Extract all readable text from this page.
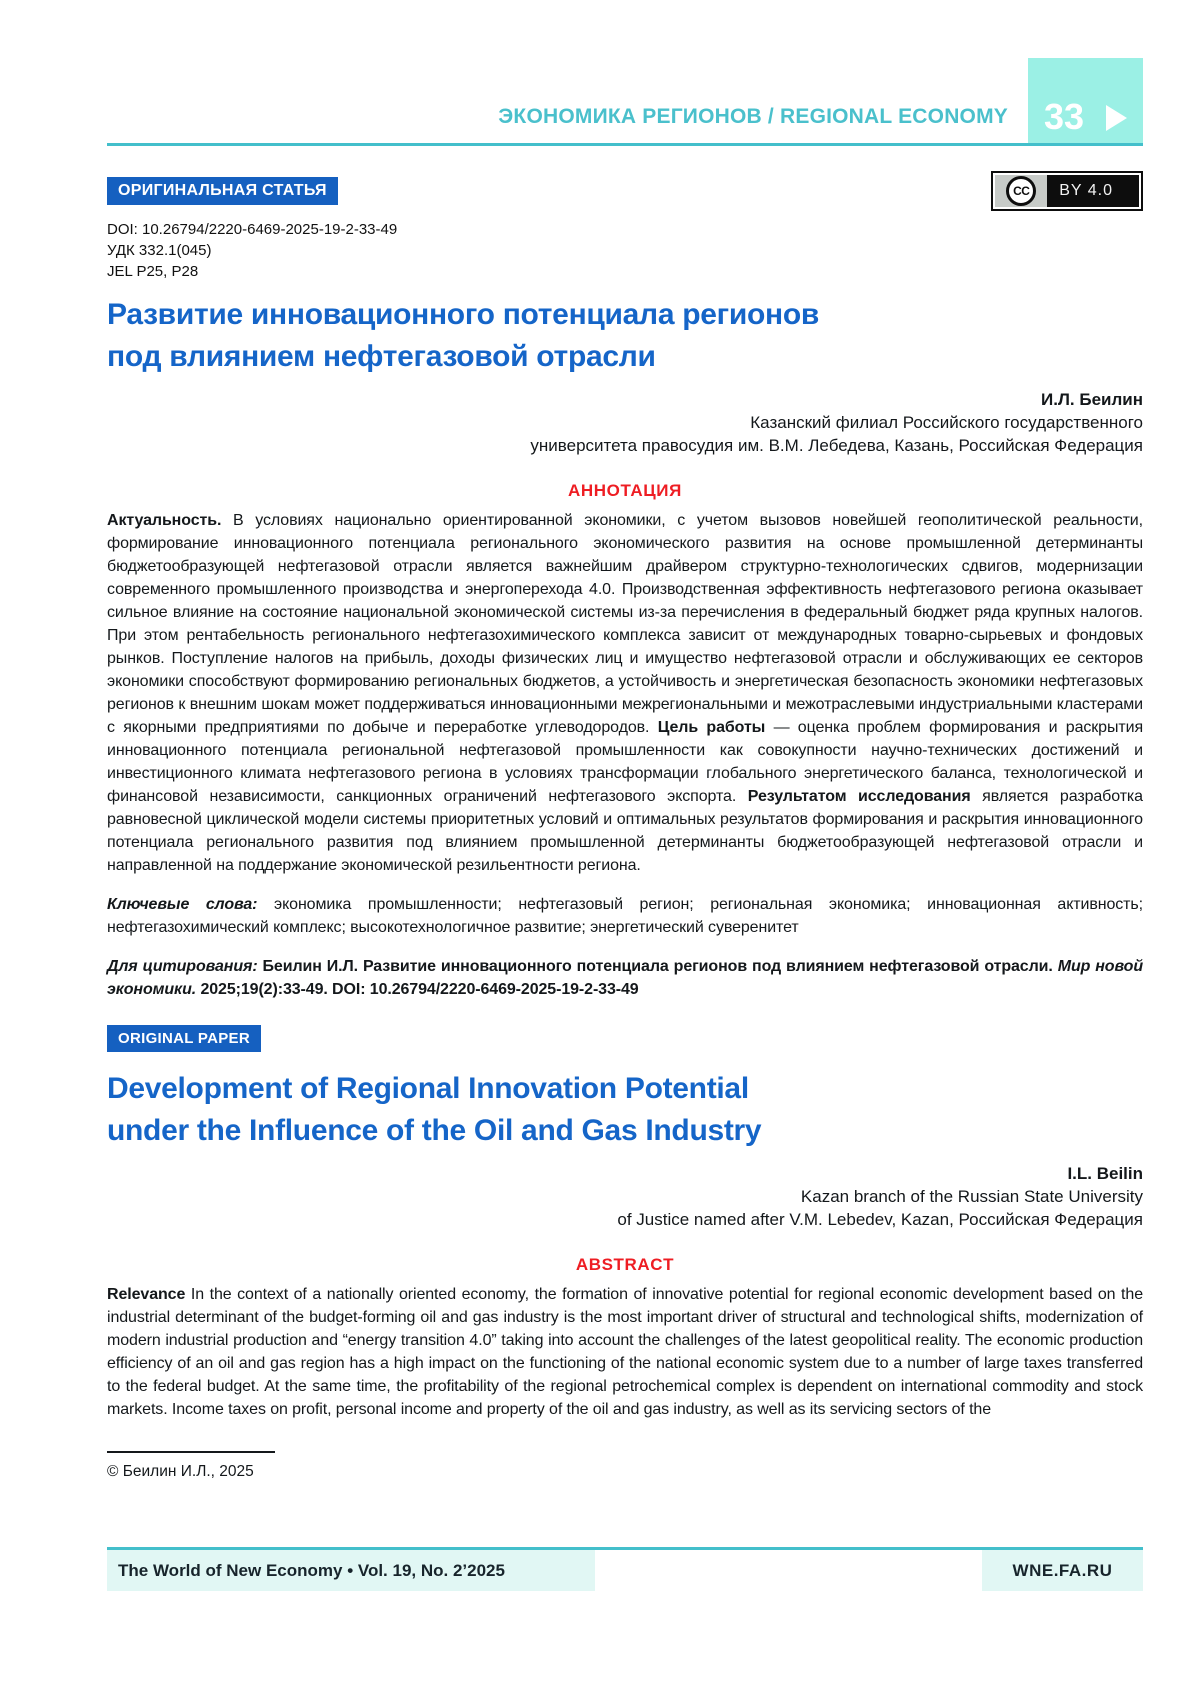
ЭКОНОМИКА РЕГИОНОВ / REGIONAL ECONOMY 33
ОРИГИНАЛЬНАЯ СТАТЬЯ	CC	BY 4.0
DOI: 10.26794/2220-6469-2025-19-2-33-49
УДК 332.1(045)
JEL P25, P28
Развитие инновационного потенциала регионов
под влиянием нефтегазовой отрасли
И.Л. Беилин
Казанский филиал Российского государственного
университета правосудия им. В.М. Лебедева, Казань, Российская Федерация
АННОТАЦИЯ

Актуальность. В условиях национально ориентированной экономики, с учетом вызовов новейшей геополитической реальности, формирование инновационного потенциала регионального экономического развития на основе промышленной детерминанты бюджетообразующей нефтегазовой отрасли является важнейшим драйвером структурно-технологических сдвигов, модернизации современного промышленного производства и энергоперехода 4.0. Производственная эффективность нефтегазового региона оказывает сильное влияние на состояние национальной экономической системы из-за перечисления в федеральный бюджет ряда крупных налогов. При этом рентабельность регионального нефтегазохимического комплекса зависит от международных товарно-сырьевых и фондовых рынков. Поступление налогов на прибыль, доходы физических лиц и имущество нефтегазовой отрасли и обслуживающих ее секторов экономики способствуют формированию региональных бюджетов, а устойчивость и энергетическая безопасность экономики нефтегазовых регионов к внешним шокам может поддерживаться инновационными межрегиональными и межотраслевыми индустриальными кластерами с якорными предприятиями по добыче и переработке углеводородов. Цель работы — оценка проблем формирования и раскрытия инновационного потенциала региональной нефтегазовой промышленности как совокупности научно-технических достижений и инвестиционного климата нефтегазового региона в условиях трансформации глобального энергетического баланса, технологической и финансовой независимости, санкционных ограничений нефтегазового экспорта. Результатом исследования является разработка равновесной циклической модели системы приоритетных условий и оптимальных результатов формирования и раскрытия инновационного потенциала регионального развития под влиянием промышленной детерминанты бюджетообразующей нефтегазовой отрасли и направленной на поддержание экономической резильентности региона.

Ключевые слова: экономика промышленности; нефтегазовый регион; региональная экономика; инновационная активность; нефтегазохимический комплекс; высокотехнологичное развитие; энергетический суверенитет

Для цитирования: Беилин И.Л. Развитие инновационного потенциала регионов под влиянием нефтегазовой отрасли. Мир новой экономики. 2025;19(2):33-49. DOI: 10.26794/2220-6469-2025-19-2-33-49

ORIGINAL PAPER
Development of Regional Innovation Potential
under the Influence of the Oil and Gas Industry
I.L. Beilin
Kazan branch of the Russian State University
of Justice named after V.M. Lebedev, Kazan, Российская Федерация
ABSTRACT

Relevance In the context of a nationally oriented economy, the formation of innovative potential for regional economic development based on the industrial determinant of the budget-forming oil and gas industry is the most important driver of structural and technological shifts, modernization of modern industrial production and “energy transition 4.0” taking into account the challenges of the latest geopolitical reality. The economic production efficiency of an oil and gas region has a high impact on the functioning of the national economic system due to a number of large taxes transferred to the federal budget. At the same time, the profitability of the regional petrochemical complex is dependent on international commodity and stock markets. Income taxes on profit, personal income and property of the oil and gas industry, as well as its servicing sectors of the

© Беилин И.Л., 2025
The World of New Economy • Vol. 19, No. 2’2025	WNE.FA.RU
